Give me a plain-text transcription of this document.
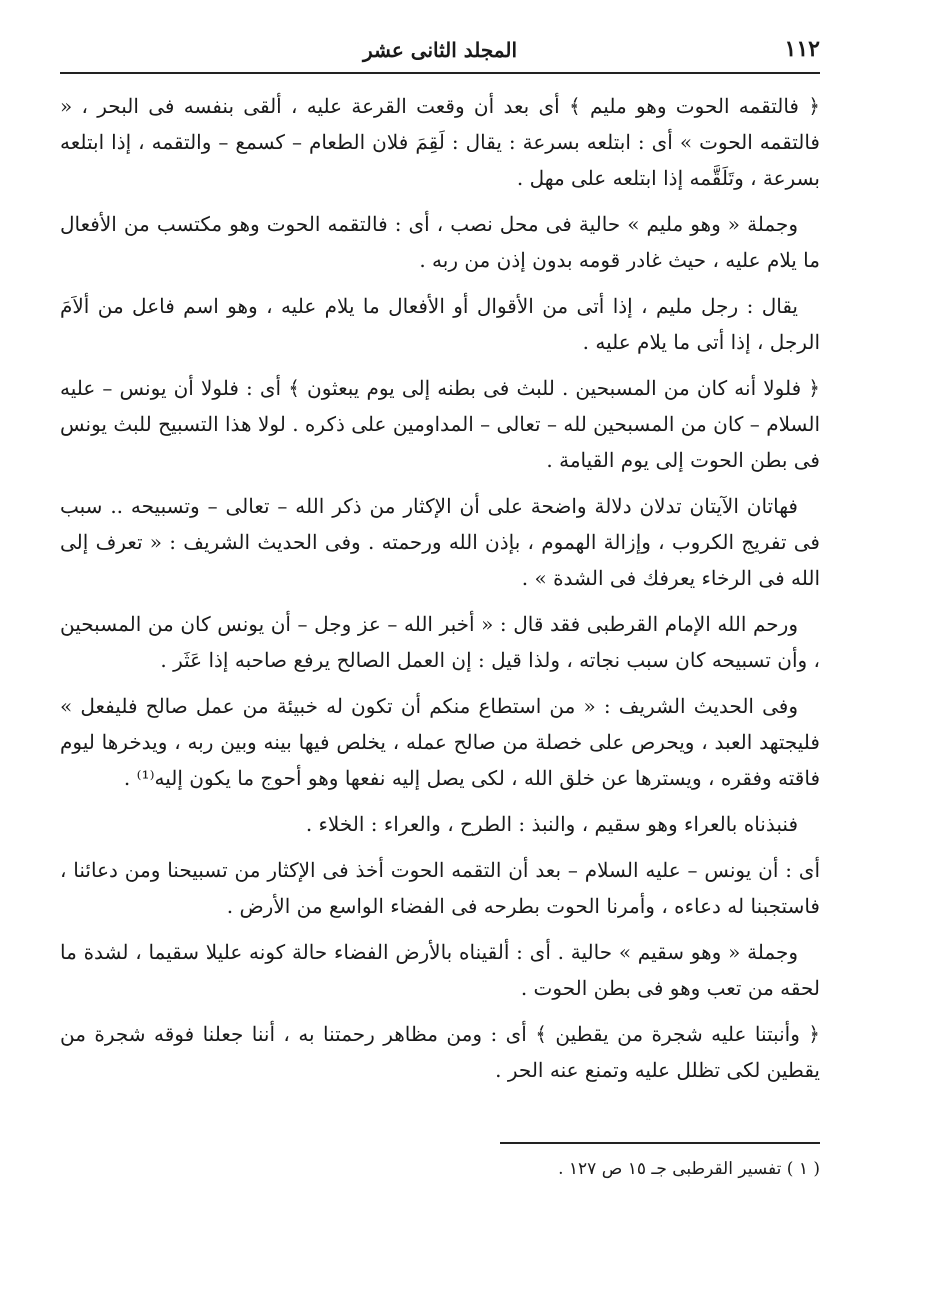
١١٢
المجلد الثانى عشر

﴿ فالتقمه الحوت وهو مليم ﴾ أى بعد أن وقعت القرعة عليه ، ألقى بنفسه فى البحر ، « فالتقمه الحوت » أى : ابتلعه بسرعة : يقال : لَقِمَ فلان الطعام – كسمع – والتقمه ، إذا ابتلعه بسرعة ، وتَلَقَّمه إذا ابتلعه على مهل .

وجملة « وهو مليم » حالية فى محل نصب ، أى : فالتقمه الحوت وهو مكتسب من الأفعال ما يلام عليه ، حيث غادر قومه بدون إذن من ربه .

يقال : رجل مليم ، إذا أتى من الأقوال أو الأفعال ما يلام عليه ، وهو اسم فاعل من ألاَمَ الرجل ، إذا أتى ما يلام عليه .

﴿ فلولا أنه كان من المسبحين . للبث فى بطنه إلى يوم يبعثون ﴾ أى : فلولا أن يونس – عليه السلام – كان من المسبحين لله – تعالى – المداومين على ذكره . لولا هذا التسبيح للبث يونس فى بطن الحوت إلى يوم القيامة .

فهاتان الآيتان تدلان دلالة واضحة على أن الإكثار من ذكر الله – تعالى – وتسبيحه .. سبب فى تفريج الكروب ، وإزالة الهموم ، بإذن الله ورحمته . وفى الحديث الشريف : « تعرف إلى الله فى الرخاء يعرفك فى الشدة » .

ورحم الله الإمام القرطبى فقد قال : « أخبر الله – عز وجل – أن يونس كان من المسبحين ، وأن تسبيحه كان سبب نجاته ، ولذا قيل : إن العمل الصالح يرفع صاحبه إذا عَثَر .

وفى الحديث الشريف : « من استطاع منكم أن تكون له خبيئة من عمل صالح فليفعل » فليجتهد العبد ، ويحرص على خصلة من صالح عمله ، يخلص فيها بينه وبين ربه ، ويدخرها ليوم فاقته وفقره ، ويسترها عن خلق الله ، لكى يصل إليه نفعها وهو أحوج ما يكون إليه⁽¹⁾ .

فنبذناه بالعراء وهو سقيم ، والنبذ : الطرح ، والعراء : الخلاء .

أى : أن يونس – عليه السلام – بعد أن التقمه الحوت أخذ فى الإكثار من تسبيحنا ومن دعائنا ، فاستجبنا له دعاءه ، وأمرنا الحوت بطرحه فى الفضاء الواسع من الأرض .

وجملة « وهو سقيم » حالية . أى : ألقيناه بالأرض الفضاء حالة كونه عليلا سقيما ، لشدة ما لحقه من تعب وهو فى بطن الحوت .

﴿ وأنبتنا عليه شجرة من يقطين ﴾ أى : ومن مظاهر رحمتنا به ، أننا جعلنا فوقه شجرة من يقطين لكى تظلل عليه وتمنع عنه الحر .

( ١ ) تفسير القرطبى جـ ١٥ ص ١٢٧ .
